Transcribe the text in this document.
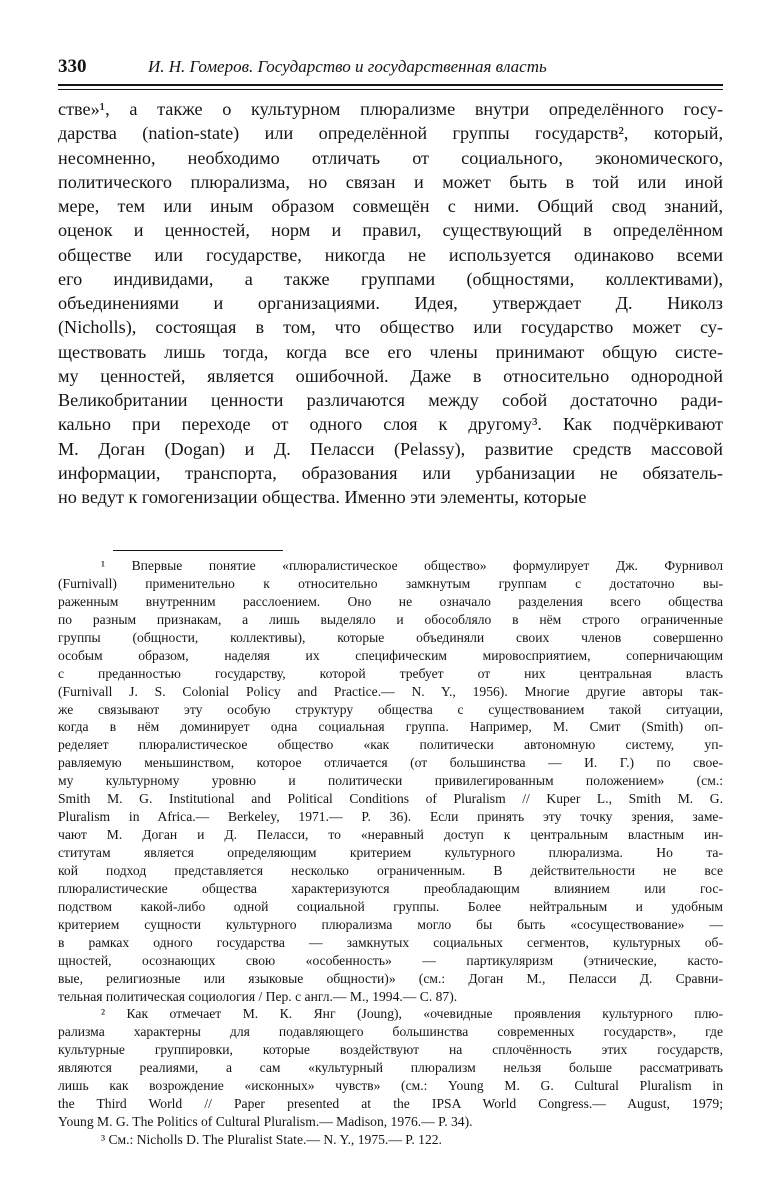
330	И. Н. Гомеров. Государство и государственная власть
стве»¹, а также о культурном плюрализме внутри определённого госу-
дарства (nation-state) или определённой группы государств², который,
несомненно, необходимо отличать от социального, экономического,
политического плюрализма, но связан и может быть в той или иной
мере, тем или иным образом совмещён с ними. Общий свод знаний,
оценок и ценностей, норм и правил, существующий в определённом
обществе или государстве, никогда не используется одинаково всеми
его индивидами, а также группами (общностями, коллективами),
объединениями и организациями. Идея, утверждает Д. Николз
(Nicholls), состоящая в том, что общество или государство может су-
ществовать лишь тогда, когда все его члены принимают общую систе-
му ценностей, является ошибочной. Даже в относительно однородной
Великобритании ценности различаются между собой достаточно ради-
кально при переходе от одного слоя к другому³. Как подчёркивают
М. Доган (Dogan) и Д. Пеласси (Pelassy), развитие средств массовой
информации, транспорта, образования или урбанизации не обязатель-
но ведут к гомогенизации общества. Именно эти элементы, которые
¹ Впервые понятие «плюралистическое общество» формулирует Дж. Фурнивол
(Furnivall) применительно к относительно замкнутым группам с достаточно вы-
раженным внутренним расслоением. Оно не означало разделения всего общества
по разным признакам, а лишь выделяло и обособляло в нём строго ограниченные
группы (общности, коллективы), которые объединяли своих членов совершенно
особым образом, наделяя их специфическим мировосприятием, соперничающим
с преданностью государству, которой требует от них центральная власть
(Furnivall J. S. Colonial Policy and Practice.— N. Y., 1956). Многие другие авторы так-
же связывают эту особую структуру общества с существованием такой ситуации,
когда в нём доминирует одна социальная группа. Например, М. Смит (Smith) оп-
ределяет плюралистическое общество «как политически автономную систему, уп-
равляемую меньшинством, которое отличается (от большинства — И. Г.) по свое-
му культурному уровню и политически привилегированным положением» (см.:
Smith M. G. Institutional and Political Conditions of Pluralism // Kuper L., Smith M. G.
Pluralism in Africa.— Berkeley, 1971.— P. 36). Если принять эту точку зрения, заме-
чают М. Доган и Д. Пеласси, то «неравный доступ к центральным властным ин-
ститутам является определяющим критерием культурного плюрализма. Но та-
кой подход представляется несколько ограниченным. В действительности не все
плюралистические общества характеризуются преобладающим влиянием или гос-
подством какой-либо одной социальной группы. Более нейтральным и удобным
критерием сущности культурного плюрализма могло бы быть «сосуществование» —
в рамках одного государства — замкнутых социальных сегментов, культурных об-
щностей, осознающих свою «особенность» — партикуляризм (этнические, касто-
вые, религиозные или языковые общности)» (см.: Доган М., Пеласси Д. Сравни-
тельная политическая социология / Пер. с англ.— М., 1994.— С. 87).
² Как отмечает М. К. Янг (Joung), «очевидные проявления культурного плю-
рализма характерны для подавляющего большинства современных государств», где
культурные группировки, которые воздействуют на сплочённость этих государств,
являются реалиями, а сам «культурный плюрализм нельзя больше рассматривать
лишь как возрождение «исконных» чувств» (см.: Young M. G. Cultural Pluralism in
the Third World // Paper presented at the IPSA World Congress.— August, 1979;
Young M. G. The Politics of Cultural Pluralism.— Madison, 1976.— P. 34).
³ См.: Nicholls D. The Pluralist State.— N. Y., 1975.— P. 122.
